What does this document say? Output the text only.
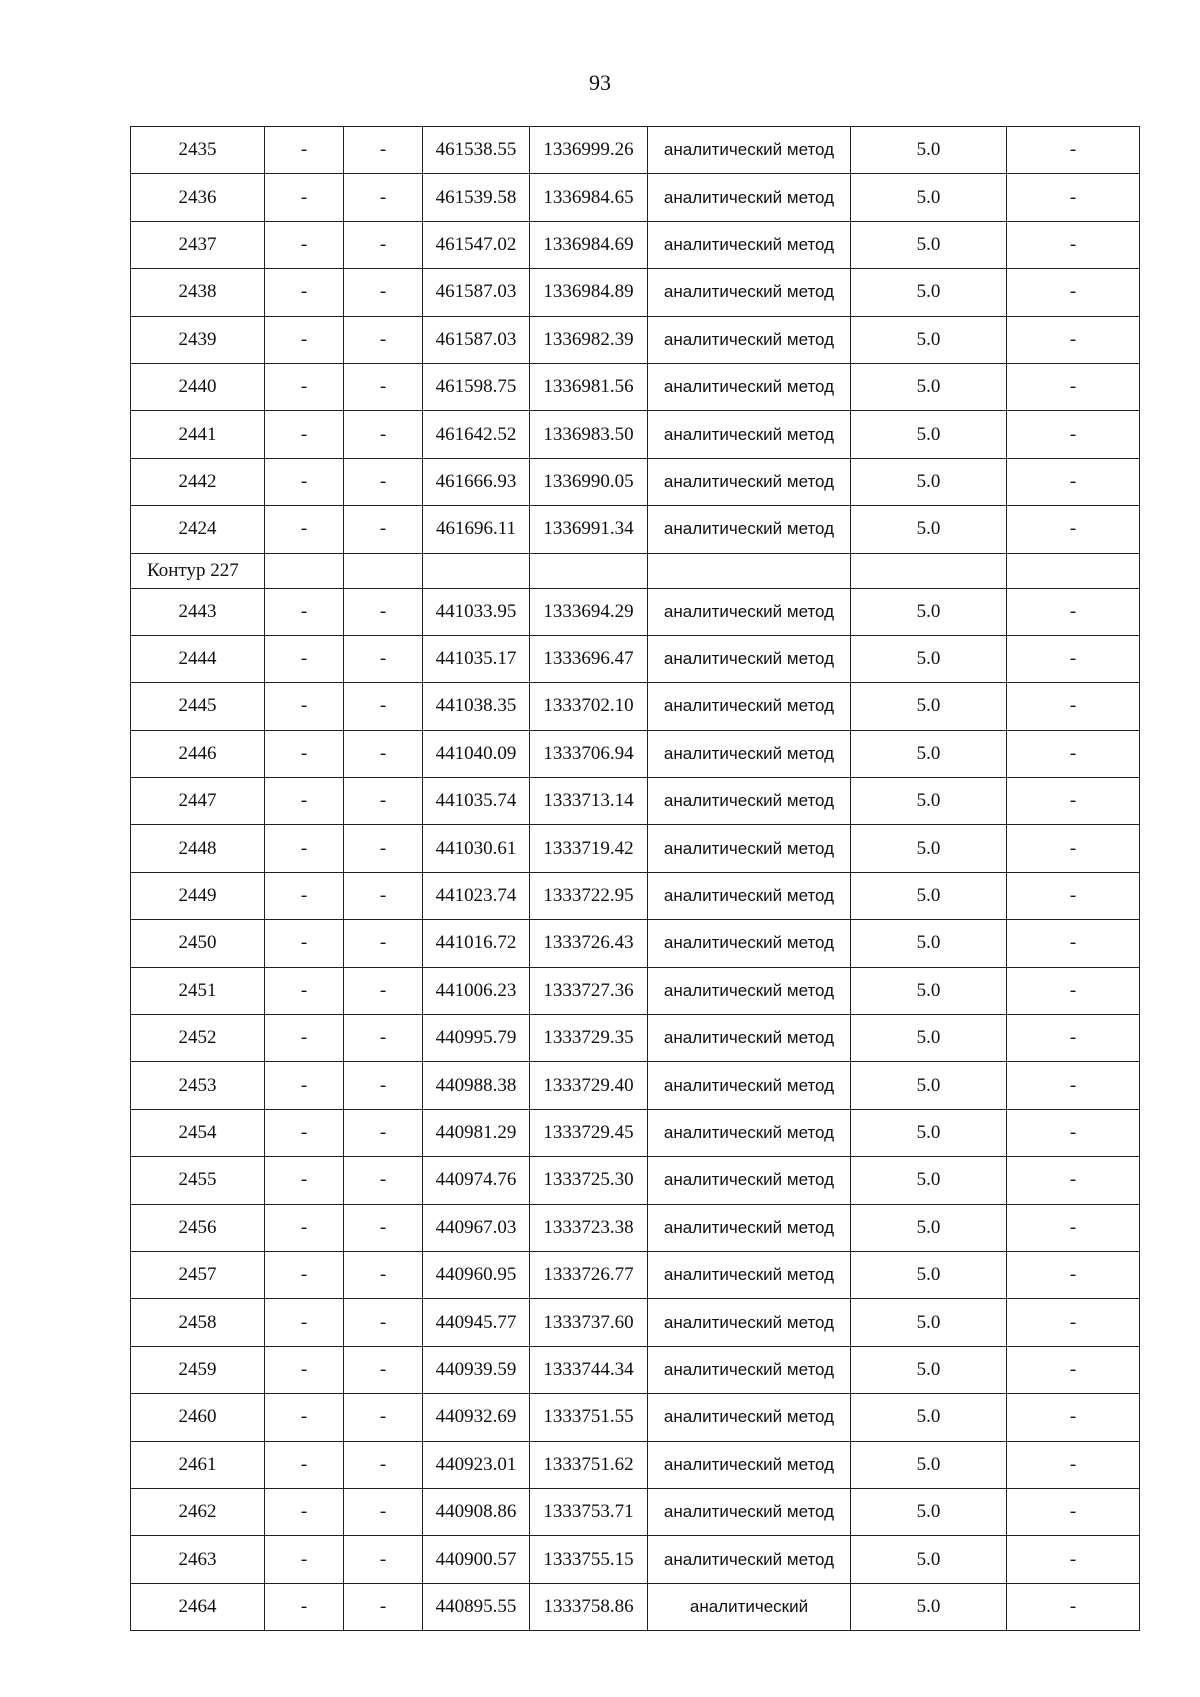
93
2435	-	-	461538.55	1336999.26	аналитический метод	5.0	-
2436	-	-	461539.58	1336984.65	аналитический метод	5.0	-
2437	-	-	461547.02	1336984.69	аналитический метод	5.0	-
2438	-	-	461587.03	1336984.89	аналитический метод	5.0	-
2439	-	-	461587.03	1336982.39	аналитический метод	5.0	-
2440	-	-	461598.75	1336981.56	аналитический метод	5.0	-
2441	-	-	461642.52	1336983.50	аналитический метод	5.0	-
2442	-	-	461666.93	1336990.05	аналитический метод	5.0	-
2424	-	-	461696.11	1336991.34	аналитический метод	5.0	-
Контур 227							
2443	-	-	441033.95	1333694.29	аналитический метод	5.0	-
2444	-	-	441035.17	1333696.47	аналитический метод	5.0	-
2445	-	-	441038.35	1333702.10	аналитический метод	5.0	-
2446	-	-	441040.09	1333706.94	аналитический метод	5.0	-
2447	-	-	441035.74	1333713.14	аналитический метод	5.0	-
2448	-	-	441030.61	1333719.42	аналитический метод	5.0	-
2449	-	-	441023.74	1333722.95	аналитический метод	5.0	-
2450	-	-	441016.72	1333726.43	аналитический метод	5.0	-
2451	-	-	441006.23	1333727.36	аналитический метод	5.0	-
2452	-	-	440995.79	1333729.35	аналитический метод	5.0	-
2453	-	-	440988.38	1333729.40	аналитический метод	5.0	-
2454	-	-	440981.29	1333729.45	аналитический метод	5.0	-
2455	-	-	440974.76	1333725.30	аналитический метод	5.0	-
2456	-	-	440967.03	1333723.38	аналитический метод	5.0	-
2457	-	-	440960.95	1333726.77	аналитический метод	5.0	-
2458	-	-	440945.77	1333737.60	аналитический метод	5.0	-
2459	-	-	440939.59	1333744.34	аналитический метод	5.0	-
2460	-	-	440932.69	1333751.55	аналитический метод	5.0	-
2461	-	-	440923.01	1333751.62	аналитический метод	5.0	-
2462	-	-	440908.86	1333753.71	аналитический метод	5.0	-
2463	-	-	440900.57	1333755.15	аналитический метод	5.0	-
2464	-	-	440895.55	1333758.86	аналитический	5.0	-
